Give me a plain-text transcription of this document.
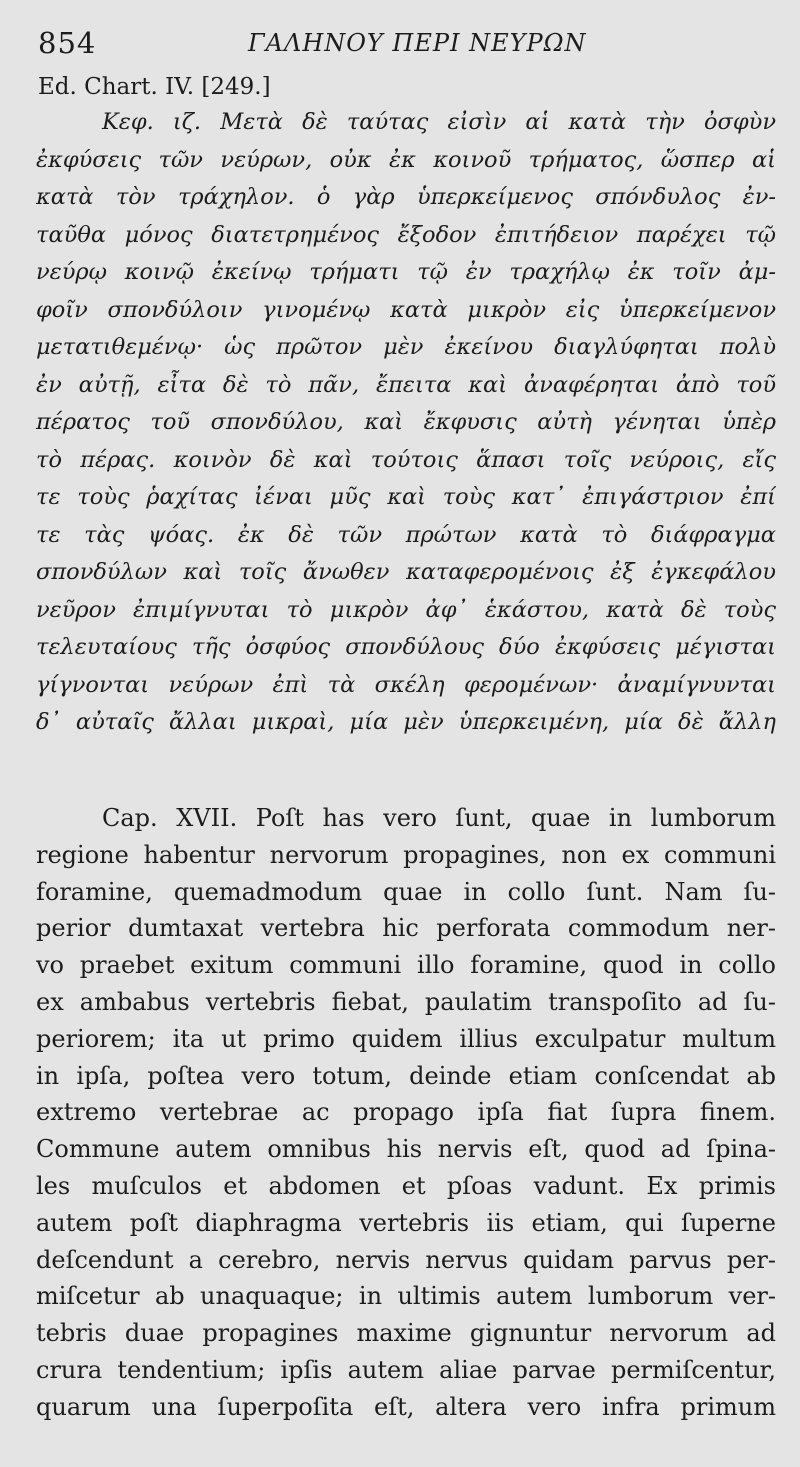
854	ΓΑΛΗΝΟΥ ΠΕΡΙ ΝΕΥΡΩΝ
Ed. Chart. IV. [249.]
Κεφ. ιζ. Μετὰ δὲ ταύτας εἰσὶν αἱ κατὰ τὴν ὀσφὺν
ἐκφύσεις τῶν νεύρων, οὐκ ἐκ κοινοῦ τρήματος, ὥσπερ αἱ
κατὰ τὸν τράχηλον. ὁ γὰρ ὑπερκείμενος σπόνδυλος ἐν-
ταῦθα μόνος διατετρημένος ἔξοδον ἐπιτήδειον παρέχει τῷ
νεύρῳ κοινῷ ἐκείνῳ τρήματι τῷ ἐν τραχήλῳ ἐκ τοῖν ἀμ-
φοῖν σπονδύλοιν γινομένῳ κατὰ μικρὸν εἰς ὑπερκείμενον
μετατιθεμένῳ· ὡς πρῶτον μὲν ἐκείνου διαγλύφηται πολὺ
ἐν αὐτῇ, εἶτα δὲ τὸ πᾶν, ἔπειτα καὶ ἀναφέρηται ἀπὸ τοῦ
πέρατος τοῦ σπονδύλου, καὶ ἔκφυσις αὐτὴ γένηται ὑπὲρ
τὸ πέρας. κοινὸν δὲ καὶ τούτοις ἅπασι τοῖς νεύροις, εἴς
τε τοὺς ῥαχίτας ἰέναι μῦς καὶ τοὺς κατ᾽ ἐπιγάστριον ἐπί
τε τὰς ψόας. ἐκ δὲ τῶν πρώτων κατὰ τὸ διάφραγμα
σπονδύλων καὶ τοῖς ἄνωθεν καταφερομένοις ἐξ ἐγκεφάλου
νεῦρον ἐπιμίγνυται τὸ μικρὸν ἀφ᾽ ἑκάστου, κατὰ δὲ τοὺς
τελευταίους τῆς ὀσφύος σπονδύλους δύο ἐκφύσεις μέγισται
γίγνονται νεύρων ἐπὶ τὰ σκέλη φερομένων· ἀναμίγνυνται
δ᾽ αὐταῖς ἄλλαι μικραὶ, μία μὲν ὑπερκειμένη, μία δὲ ἄλλη
Cap. XVII. Poſt has vero ſunt, quae in lumborum
regione habentur nervorum propagines, non ex communi
foramine, quemadmodum quae in collo ſunt. Nam ſu-
perior dumtaxat vertebra hic perforata commodum ner-
vo praebet exitum communi illo foramine, quod in collo
ex ambabus vertebris fiebat, paulatim transpoſito ad ſu-
periorem; ita ut primo quidem illius exculpatur multum
in ipſa, poſtea vero totum, deinde etiam conſcendat ab
extremo vertebrae ac propago ipſa fiat ſupra finem.
Commune autem omnibus his nervis eſt, quod ad ſpina-
les muſculos et abdomen et pſoas vadunt. Ex primis
autem poſt diaphragma vertebris iis etiam, qui ſuperne
deſcendunt a cerebro, nervis nervus quidam parvus per-
miſcetur ab unaquaque; in ultimis autem lumborum ver-
tebris duae propagines maxime gignuntur nervorum ad
crura tendentium; ipſis autem aliae parvae permiſcentur,
quarum una ſuperpoſita eſt, altera vero infra primum
